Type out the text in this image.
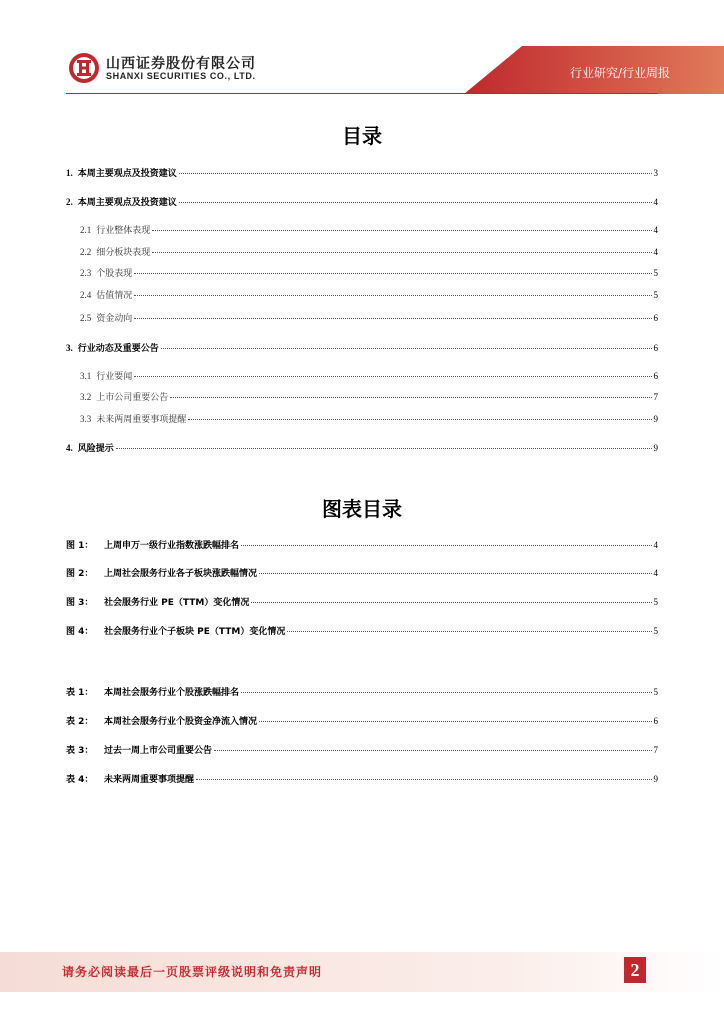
山西证券股份有限公司
SHANXI SECURITIES CO., LTD.	行业研究/行业周报
目录
1. 本周主要观点及投资建议	3
2. 本周主要观点及投资建议	4
2.1 行业整体表现	4
2.2 细分板块表现	4
2.3 个股表现	5
2.4 估值情况	5
2.5 资金动向	6
3. 行业动态及重要公告	6
3.1 行业要闻	6
3.2 上市公司重要公告	7
3.3 未来两周重要事项提醒	9
4. 风险提示	9
图表目录
图 1： 上周申万一级行业指数涨跌幅排名	4
图 2： 上周社会服务行业各子板块涨跌幅情况	4
图 3： 社会服务行业 PE（TTM）变化情况	5
图 4： 社会服务行业个子板块 PE（TTM）变化情况	5
表 1： 本周社会服务行业个股涨跌幅排名	5
表 2： 本周社会服务行业个股资金净流入情况	6
表 3： 过去一周上市公司重要公告	7
表 4： 未来两周重要事项提醒	9
请务必阅读最后一页股票评级说明和免责声明	2
